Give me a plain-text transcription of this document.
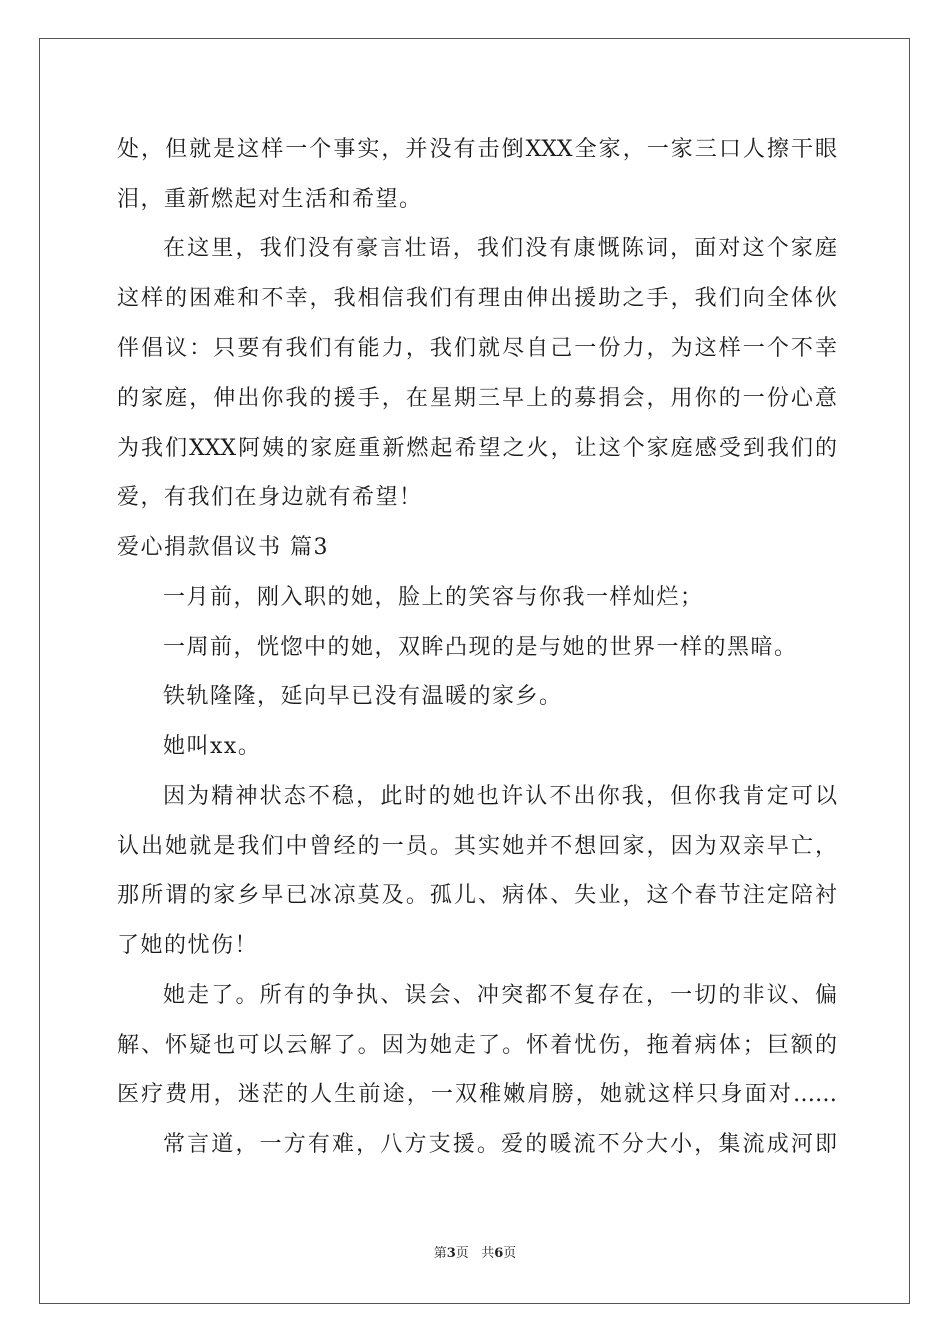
处，但就是这样一个事实，并没有击倒XXX全家，一家三口人擦干眼
泪，重新燃起对生活和希望。
在这里，我们没有豪言壮语，我们没有康慨陈词，面对这个家庭
这样的困难和不幸，我相信我们有理由伸出援助之手，我们向全体伙
伴倡议：只要有我们有能力，我们就尽自己一份力，为这样一个不幸
的家庭，伸出你我的援手，在星期三早上的募捐会，用你的一份心意
为我们XXX阿姨的家庭重新燃起希望之火，让这个家庭感受到我们的
爱，有我们在身边就有希望！
爱心捐款倡议书 篇3
一月前，刚入职的她，脸上的笑容与你我一样灿烂；
一周前，恍惚中的她，双眸凸现的是与她的世界一样的黑暗。
铁轨隆隆，延向早已没有温暖的家乡。
她叫xx。
因为精神状态不稳，此时的她也许认不出你我，但你我肯定可以
认出她就是我们中曾经的一员。其实她并不想回家，因为双亲早亡，
那所谓的家乡早已冰凉莫及。孤儿、病体、失业，这个春节注定陪衬
了她的忧伤！
她走了。所有的争执、误会、冲突都不复存在，一切的非议、偏
解、怀疑也可以云解了。因为她走了。怀着忧伤，拖着病体；巨额的
医疗费用，迷茫的人生前途，一双稚嫩肩膀，她就这样只身面对……
常言道，一方有难，八方支援。爱的暖流不分大小，集流成河即
第3页   共6页
